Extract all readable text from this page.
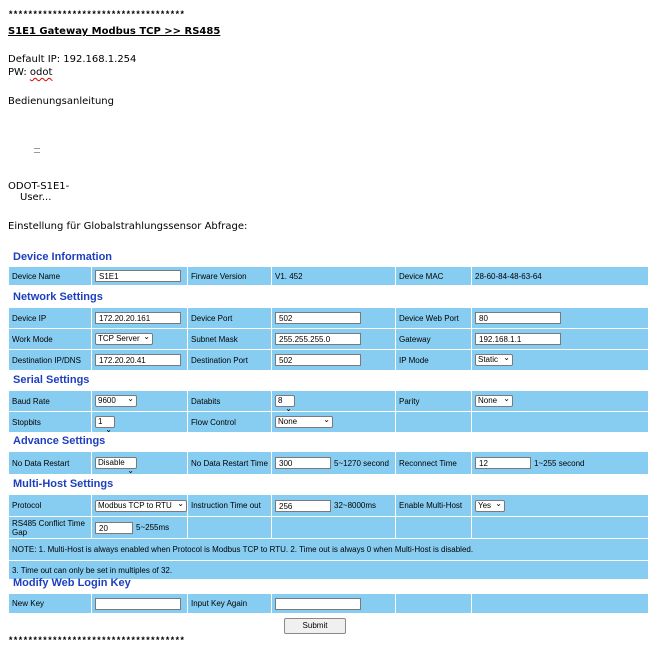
************************************
S1E1 Gateway Modbus TCP >> RS485
Default IP: 192.168.1.254
PW: odot
Bedienungsanleitung
ODOT-S1E1-
User...
Einstellung für Globalstrahlungssensor Abfrage:
Device Information
Device Name	S1E1	Firware Version	V1. 452	Device MAC	28-60-84-48-63-64
Network Settings
Device IP	172.20.20.161	Device Port	502	Device Web Port	80
Work Mode	TCP Server ⌄	Subnet Mask	255.255.255.0	Gateway	192.168.1.1
Destination IP/DNS	172.20.20.41	Destination Port	502	IP Mode	Static ⌄
Serial Settings
Baud Rate	9600 ⌄	Databits	8 ⌄	Parity	None ⌄
Stopbits	1 ⌄	Flow Control	None ⌄		
Advance Settings
No Data Restart	Disable ⌄	No Data Restart Time	300	5~1270 second	Reconnect Time	12	1~255 second
Multi-Host Settings
Protocol	Modbus TCP to RTU ⌄	Instruction Time out	256 32~8000ms	Enable Multi-Host	Yes ⌄
RS485 Conflict Time Gap	20 5~255ms				
NOTE: 1. Multi-Host is always enabled when Protocol is Modbus TCP to RTU. 2. Time out is always 0 when Multi-Host is disabled.					
3. Time out can only be set in multiples of 32.					
Modify Web Login Key
New Key		Input Key Again			
Submit
************************************
